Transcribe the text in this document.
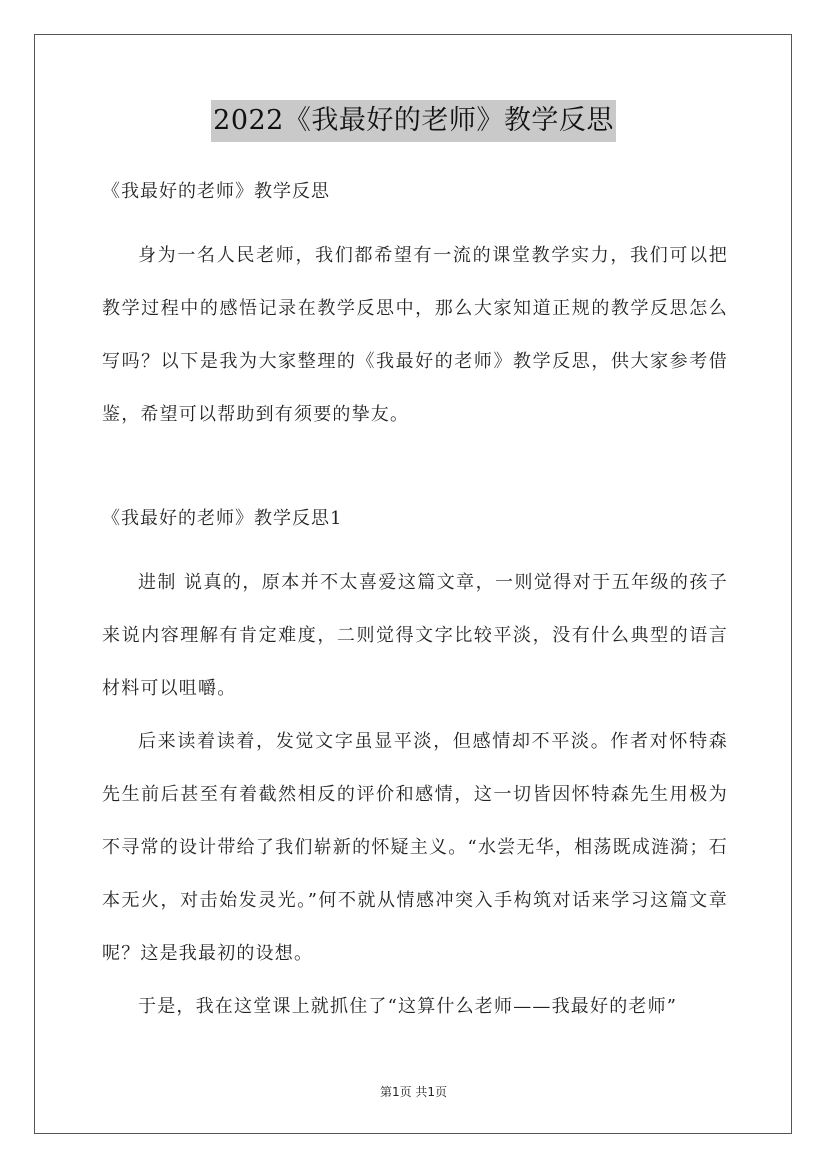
2022《我最好的老师》教学反思

《我最好的老师》教学反思

身为一名人民老师，我们都希望有一流的课堂教学实力，我们可以把教学过程中的感悟记录在教学反思中，那么大家知道正规的教学反思怎么写吗？以下是我为大家整理的《我最好的老师》教学反思，供大家参考借鉴，希望可以帮助到有须要的挚友。

《我最好的老师》教学反思1

进制 说真的，原本并不太喜爱这篇文章，一则觉得对于五年级的孩子来说内容理解有肯定难度，二则觉得文字比较平淡，没有什么典型的语言材料可以咀嚼。

后来读着读着，发觉文字虽显平淡，但感情却不平淡。作者对怀特森先生前后甚至有着截然相反的评价和感情，这一切皆因怀特森先生用极为不寻常的设计带给了我们崭新的怀疑主义。“水尝无华，相荡既成涟漪；石本无火，对击始发灵光。”何不就从情感冲突入手构筑对话来学习这篇文章呢？这是我最初的设想。

于是，我在这堂课上就抓住了“这算什么老师——我最好的老师”

第1页 共1页
